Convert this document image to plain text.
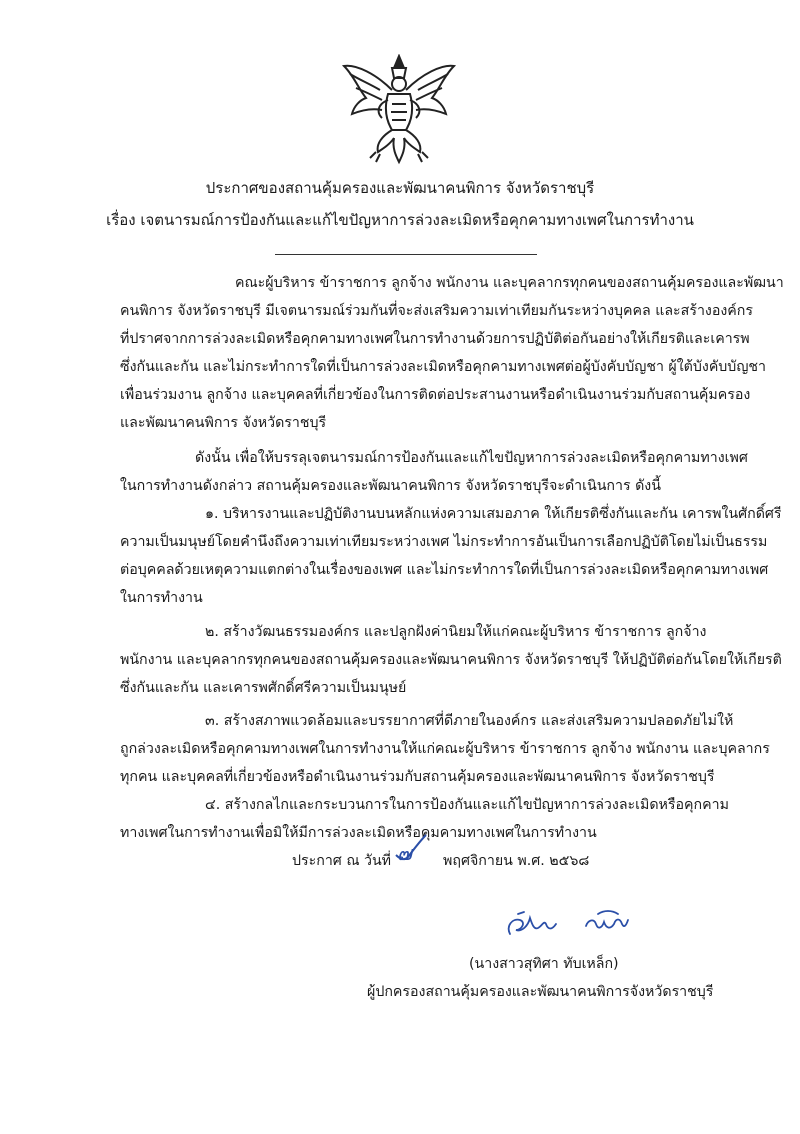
ประกาศของสถานคุ้มครองและพัฒนาคนพิการ จังหวัดราชบุรี
เรื่อง เจตนารมณ์การป้องกันและแก้ไขปัญหาการล่วงละเมิดหรือคุกคามทางเพศในการทำงาน
คณะผู้บริหาร ข้าราชการ ลูกจ้าง พนักงาน และบุคลากรทุกคนของสถานคุ้มครองและพัฒนา
คนพิการ จังหวัดราชบุรี มีเจตนารมณ์ร่วมกันที่จะส่งเสริมความเท่าเทียมกันระหว่างบุคคล และสร้างองค์กร
ที่ปราศจากการล่วงละเมิดหรือคุกคามทางเพศในการทำงานด้วยการปฏิบัติต่อกันอย่างให้เกียรติและเคารพ
ซึ่งกันและกัน และไม่กระทำการใดที่เป็นการล่วงละเมิดหรือคุกคามทางเพศต่อผู้บังคับบัญชา ผู้ใต้บังคับบัญชา
เพื่อนร่วมงาน ลูกจ้าง และบุคคลที่เกี่ยวข้องในการติดต่อประสานงานหรือดำเนินงานร่วมกับสถานคุ้มครอง
และพัฒนาคนพิการ จังหวัดราชบุรี
ดังนั้น เพื่อให้บรรลุเจตนารมณ์การป้องกันและแก้ไขปัญหาการล่วงละเมิดหรือคุกคามทางเพศ
ในการทำงานดังกล่าว สถานคุ้มครองและพัฒนาคนพิการ จังหวัดราชบุรีจะดำเนินการ ดังนี้
๑. บริหารงานและปฏิบัติงานบนหลักแห่งความเสมอภาค ให้เกียรติซึ่งกันและกัน เคารพในศักดิ์ศรี
ความเป็นมนุษย์โดยคำนึงถึงความเท่าเทียมระหว่างเพศ ไม่กระทำการอันเป็นการเลือกปฏิบัติโดยไม่เป็นธรรม
ต่อบุคคลด้วยเหตุความแตกต่างในเรื่องของเพศ และไม่กระทำการใดที่เป็นการล่วงละเมิดหรือคุกคามทางเพศ
ในการทำงาน
๒. สร้างวัฒนธรรมองค์กร และปลูกฝังค่านิยมให้แก่คณะผู้บริหาร ข้าราชการ ลูกจ้าง
พนักงาน และบุคลากรทุกคนของสถานคุ้มครองและพัฒนาคนพิการ จังหวัดราชบุรี ให้ปฏิบัติต่อกันโดยให้เกียรติ
ซึ่งกันและกัน และเคารพศักดิ์ศรีความเป็นมนุษย์
๓. สร้างสภาพแวดล้อมและบรรยากาศที่ดีภายในองค์กร และส่งเสริมความปลอดภัยไม่ให้
ถูกล่วงละเมิดหรือคุกคามทางเพศในการทำงานให้แก่คณะผู้บริหาร ข้าราชการ ลูกจ้าง พนักงาน และบุคลากร
ทุกคน และบุคคลที่เกี่ยวข้องหรือดำเนินงานร่วมกับสถานคุ้มครองและพัฒนาคนพิการ จังหวัดราชบุรี
๔. สร้างกลไกและกระบวนการในการป้องกันและแก้ไขปัญหาการล่วงละเมิดหรือคุกคาม
ทางเพศในการทำงานเพื่อมิให้มีการล่วงละเมิดหรือคุมคามทางเพศในการทำงาน
ประกาศ ณ วันที่ ๗ พฤศจิกายน พ.ศ. ๒๕๖๘
(นางสาวสุทิศา ทับเหล็ก)
ผู้ปกครองสถานคุ้มครองและพัฒนาคนพิการจังหวัดราชบุรี
